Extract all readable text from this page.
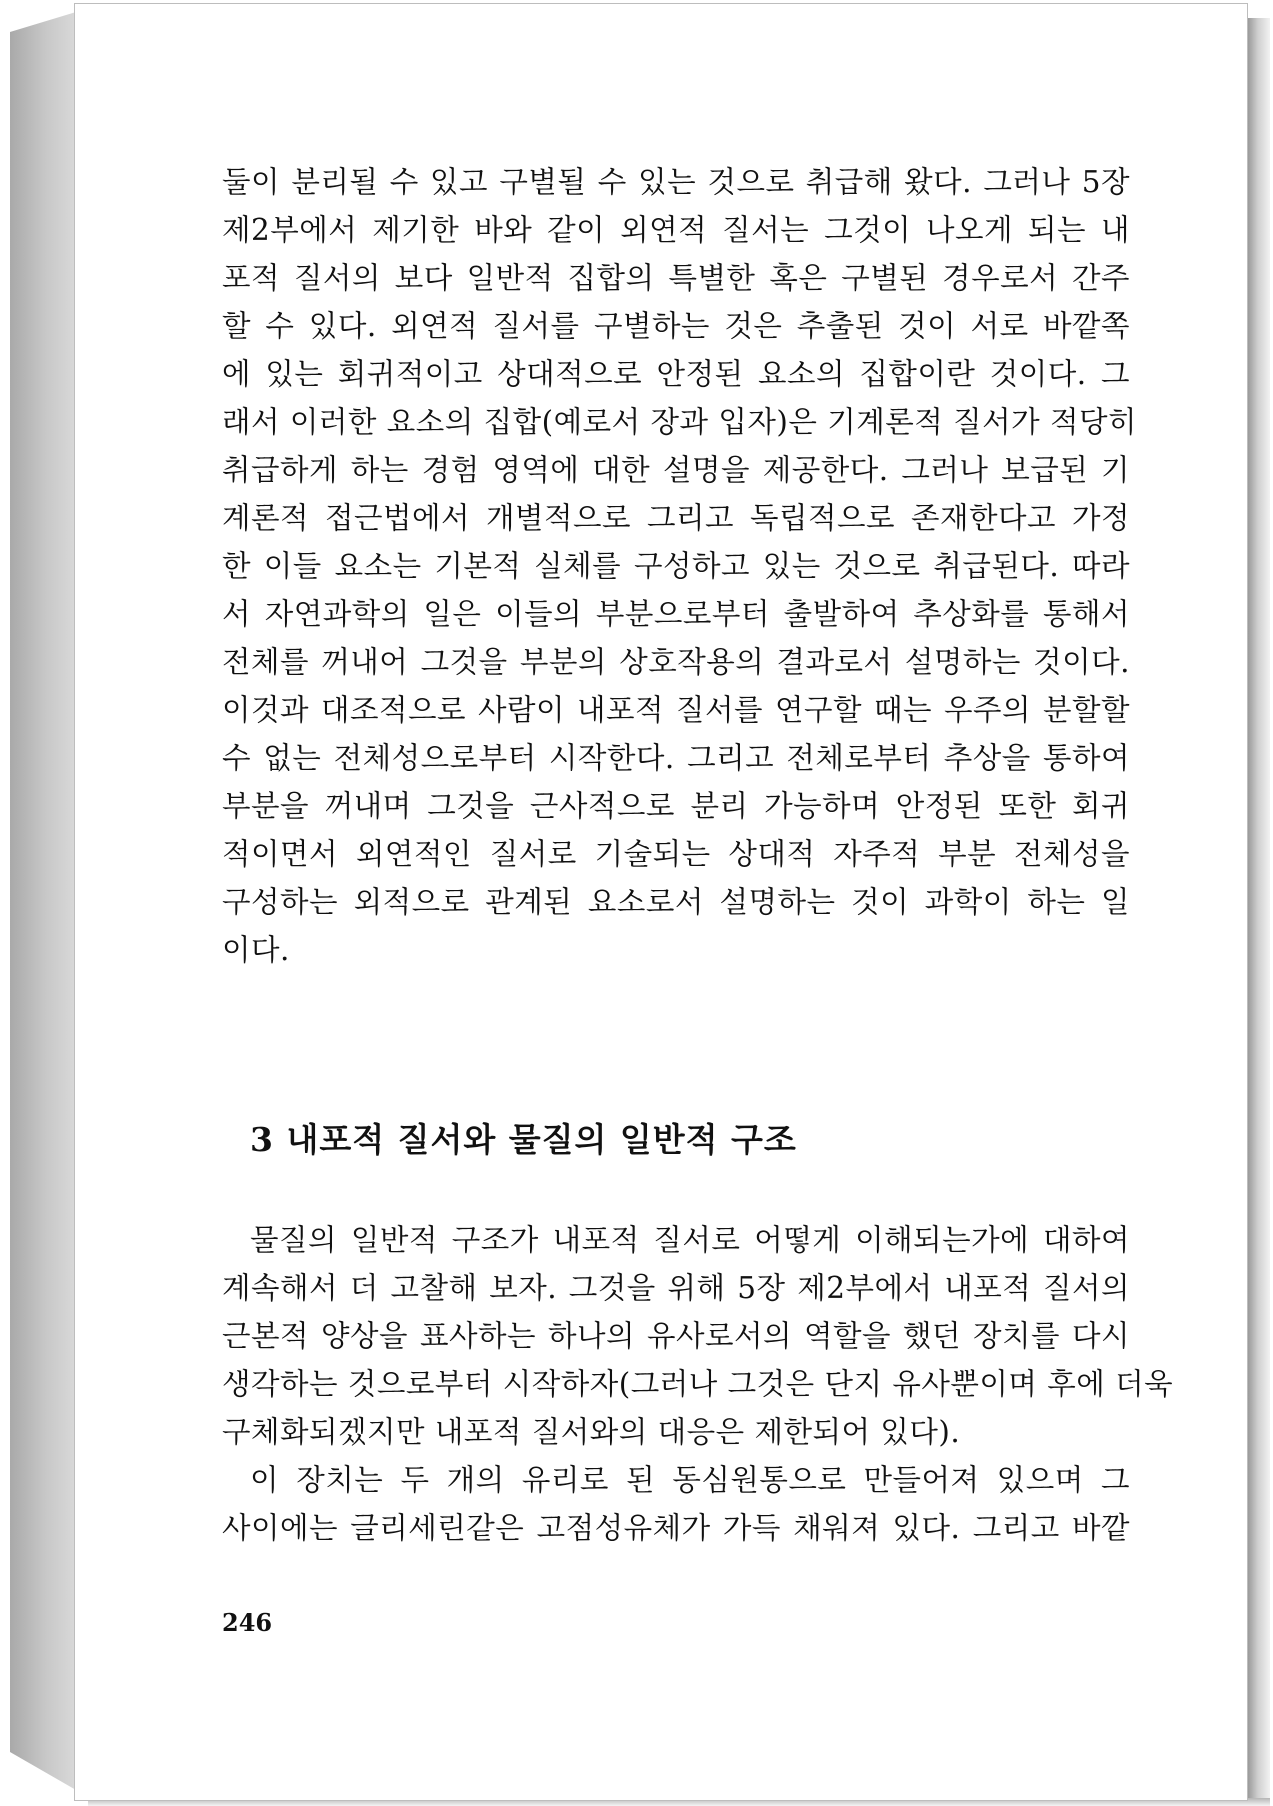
둘이 분리될 수 있고 구별될 수 있는 것으로 취급해 왔다. 그러나 5장
제2부에서 제기한 바와 같이 외연적 질서는 그것이 나오게 되는 내
포적 질서의 보다 일반적 집합의 특별한 혹은 구별된 경우로서 간주
할 수 있다. 외연적 질서를 구별하는 것은 추출된 것이 서로 바깥쪽
에 있는 회귀적이고 상대적으로 안정된 요소의 집합이란 것이다. 그
래서 이러한 요소의 집합(예로서 장과 입자)은 기계론적 질서가 적당히
취급하게 하는 경험 영역에 대한 설명을 제공한다. 그러나 보급된 기
계론적 접근법에서 개별적으로 그리고 독립적으로 존재한다고 가정
한 이들 요소는 기본적 실체를 구성하고 있는 것으로 취급된다. 따라
서 자연과학의 일은 이들의 부분으로부터 출발하여 추상화를 통해서
전체를 꺼내어 그것을 부분의 상호작용의 결과로서 설명하는 것이다.
이것과 대조적으로 사람이 내포적 질서를 연구할 때는 우주의 분할할
수 없는 전체성으로부터 시작한다. 그리고 전체로부터 추상을 통하여
부분을 꺼내며 그것을 근사적으로 분리 가능하며 안정된 또한 회귀
적이면서 외연적인 질서로 기술되는 상대적 자주적 부분 전체성을
구성하는 외적으로 관계된 요소로서 설명하는 것이 과학이 하는 일
이다.
3 내포적 질서와 물질의 일반적 구조
물질의 일반적 구조가 내포적 질서로 어떻게 이해되는가에 대하여
계속해서 더 고찰해 보자. 그것을 위해 5장 제2부에서 내포적 질서의
근본적 양상을 표사하는 하나의 유사로서의 역할을 했던 장치를 다시
생각하는 것으로부터 시작하자(그러나 그것은 단지 유사뿐이며 후에 더욱
구체화되겠지만 내포적 질서와의 대응은 제한되어 있다).
이 장치는 두 개의 유리로 된 동심원통으로 만들어져 있으며 그
사이에는 글리세린같은 고점성유체가 가득 채워져 있다. 그리고 바깥
246
